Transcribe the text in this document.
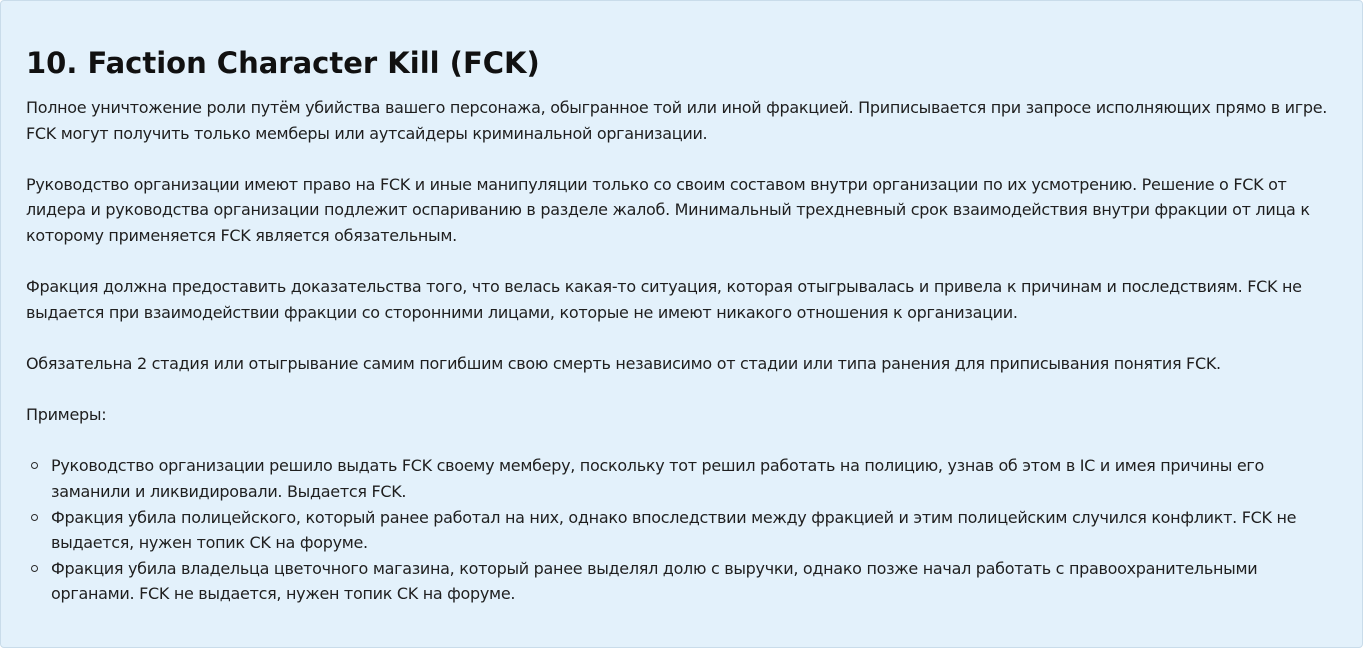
10. Faction Character Kill (FCK)

Полное уничтожение роли путём убийства вашего персонажа, обыгранное той или иной фракцией. Приписывается при запросе исполняющих прямо в игре. FCK могут получить только мемберы или аутсайдеры криминальной организации.

Руководство организации имеют право на FCK и иные манипуляции только со своим составом внутри организации по их усмотрению. Решение о FCK от лидера и руководства организации подлежит оспариванию в разделе жалоб. Минимальный трехдневный срок взаимодействия внутри фракции от лица к которому применяется FCK является обязательным.

Фракция должна предоставить доказательства того, что велась какая-то ситуация, которая отыгрывалась и привела к причинам и последствиям. FCK не выдается при взаимодействии фракции со сторонними лицами, которые не имеют никакого отношения к организации.

Обязательна 2 стадия или отыгрывание самим погибшим свою смерть независимо от стадии или типа ранения для приписывания понятия FCK.

Примеры:

Руководство организации решило выдать FCK своему мемберу, поскольку тот решил работать на полицию, узнав об этом в IC и имея причины его заманили и ликвидировали. Выдается FCK.
Фракция убила полицейского, который ранее работал на них, однако впоследствии между фракцией и этим полицейским случился конфликт. FCK не выдается, нужен топик CK на форуме.
Фракция убила владельца цветочного магазина, который ранее выделял долю с выручки, однако позже начал работать с правоохранительными органами. FCK не выдается, нужен топик CK на форуме.
